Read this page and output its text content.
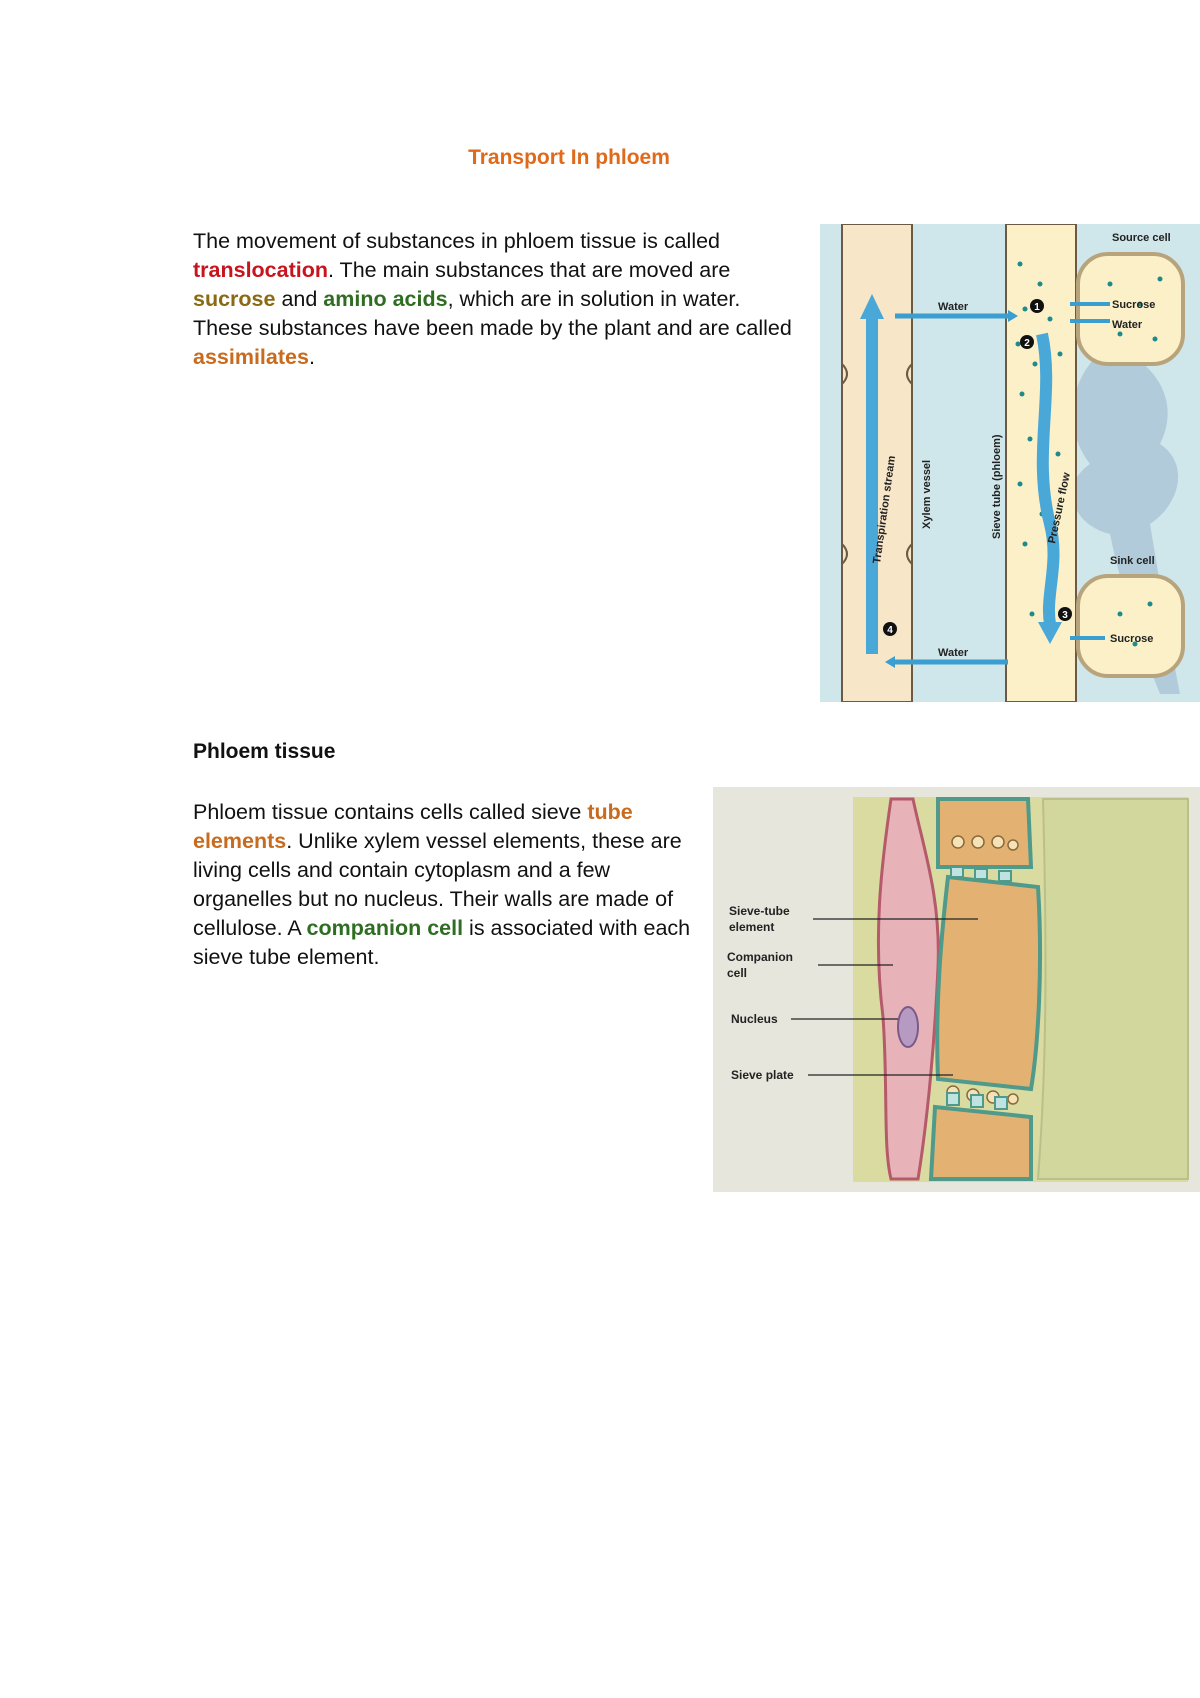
Transport In phloem
The movement of substances in phloem tissue is called translocation. The main substances that are moved are sucrose and amino acids, which are in solution in water. These substances have been made by the plant and are called assimilates.
1
2
3
4
Source cell
Sink cell
Water
Water
Sucrose
Water
Sucrose
Transpiration stream Xylem vessel	Sieve tube (phloem)	Pressure flow
Phloem tissue
Phloem tissue contains cells called sieve tube elements. Unlike xylem vessel elements, these are living cells and contain cytoplasm and a few organelles but no nucleus. Their walls are made of cellulose. A companion cell is associated with each sieve tube element.
Sieve-tube
element
Companion
cell
Nucleus
Sieve plate
